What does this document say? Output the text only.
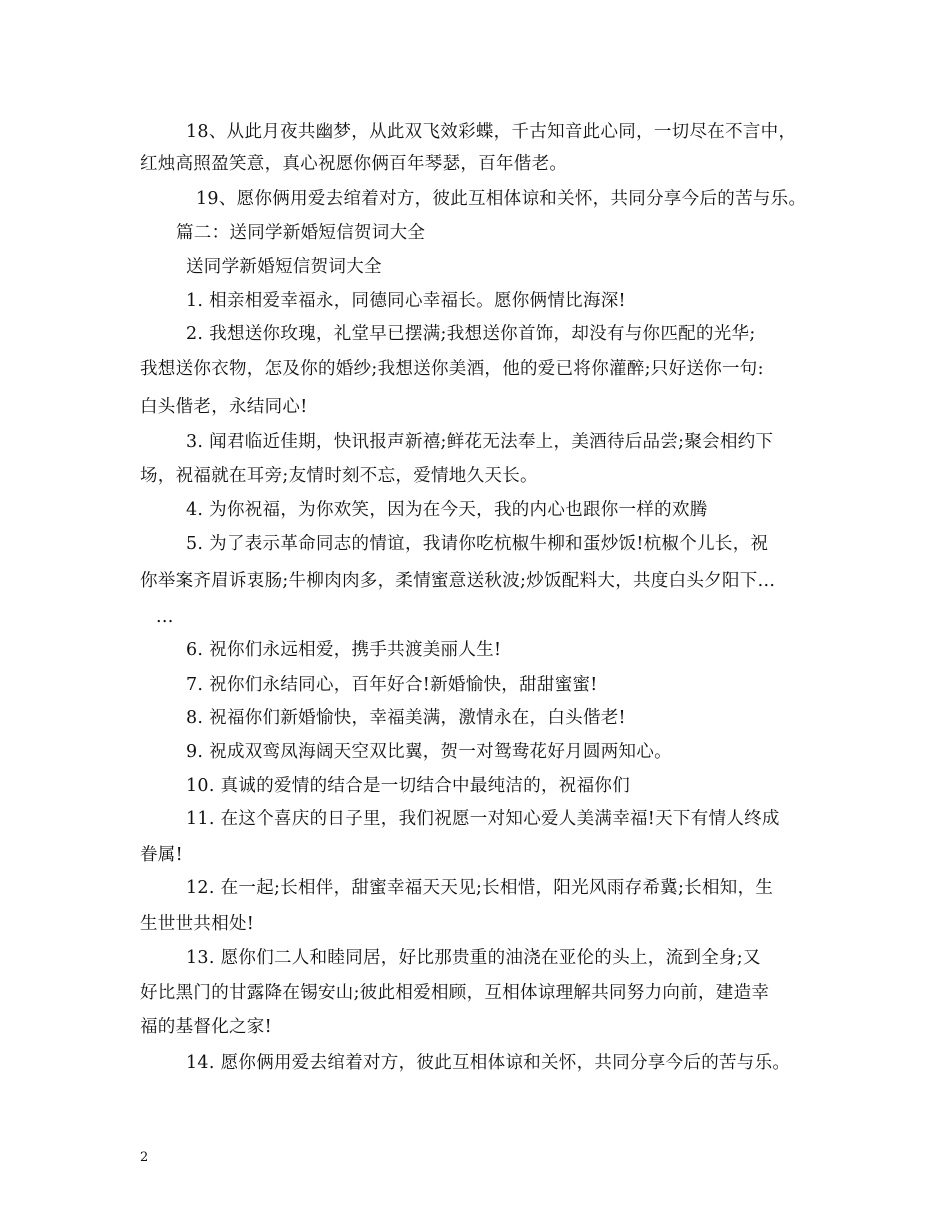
18、从此月夜共幽梦，从此双飞效彩蝶，千古知音此心同，一切尽在不言中，
红烛高照盈笑意，真心祝愿你俩百年琴瑟，百年偕老。
19、愿你俩用爱去绾着对方，彼此互相体谅和关怀，共同分享今后的苦与乐。
篇二：送同学新婚短信贺词大全
送同学新婚短信贺词大全
1. 相亲相爱幸福永，同德同心幸福长。愿你俩情比海深!
2. 我想送你玫瑰，礼堂早已摆满;我想送你首饰，却没有与你匹配的光华;
我想送你衣物，怎及你的婚纱;我想送你美酒，他的爱已将你灌醉;只好送你一句:
白头偕老，永结同心!
3. 闻君临近佳期，快讯报声新禧;鲜花无法奉上，美酒待后品尝;聚会相约下
场，祝福就在耳旁;友情时刻不忘，爱情地久天长。
4. 为你祝福，为你欢笑，因为在今天，我的内心也跟你一样的欢腾
5. 为了表示革命同志的情谊，我请你吃杭椒牛柳和蛋炒饭!杭椒个儿长，祝
你举案齐眉诉衷肠;牛柳肉肉多，柔情蜜意送秋波;炒饭配料大，共度白头夕阳下...
...
6. 祝你们永远相爱，携手共渡美丽人生!
7. 祝你们永结同心，百年好合!新婚愉快，甜甜蜜蜜!
8. 祝福你们新婚愉快，幸福美满，激情永在，白头偕老!
9. 祝成双鸾凤海阔天空双比翼，贺一对鸳鸯花好月圆两知心。
10. 真诚的爱情的结合是一切结合中最纯洁的，祝福你们
11. 在这个喜庆的日子里，我们祝愿一对知心爱人美满幸福!天下有情人终成
眷属!
12. 在一起;长相伴，甜蜜幸福天天见;长相惜，阳光风雨存希冀;长相知，生
生世世共相处!
13. 愿你们二人和睦同居，好比那贵重的油浇在亚伦的头上，流到全身;又
好比黑门的甘露降在锡安山;彼此相爱相顾，互相体谅理解共同努力向前，建造幸
福的基督化之家!
14. 愿你俩用爱去绾着对方，彼此互相体谅和关怀，共同分享今后的苦与乐。
2
